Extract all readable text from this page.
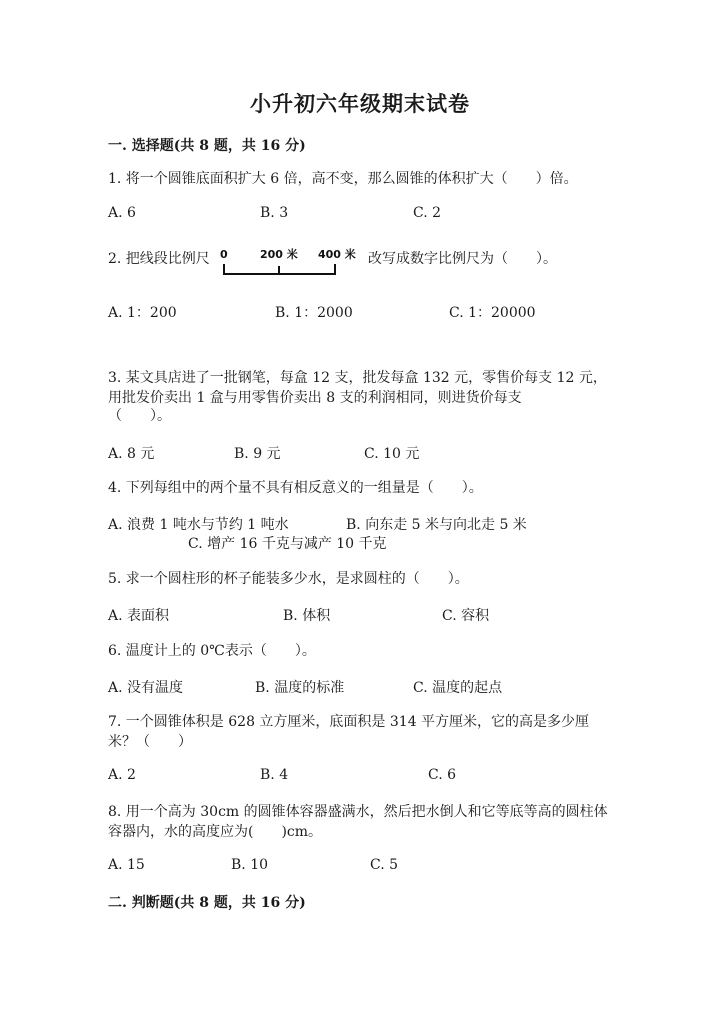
小升初六年级期末试卷
一. 选择题(共 8 题，共 16 分)
1. 将一个圆锥底面积扩大 6 倍，高不变，那么圆锥的体积扩大（　　）倍。
A. 6	B. 3	C. 2
2. 把线段比例尺 0	200 米 400 米 改写成数字比例尺为（　　）。
A. 1：200	B. 1：2000	C. 1：20000
3. 某文具店进了一批钢笔，每盒 12 支，批发每盒 132 元，零售价每支 12 元，
用批发价卖出 1 盒与用零售价卖出 8 支的利润相同，则进货价每支
（　　）。
A. 8 元	B. 9 元	C. 10 元
4. 下列每组中的两个量不具有相反意义的一组量是（　　）。
A. 浪费 1 吨水与节约 1 吨水	B. 向东走 5 米与向北走 5 米
C. 增产 16 千克与减产 10 千克
5. 求一个圆柱形的杯子能装多少水，是求圆柱的（　　）。
A. 表面积	B. 体积	C. 容积
6. 温度计上的 0℃表示（　　）。
A. 没有温度	B. 温度的标准	C. 温度的起点
7. 一个圆锥体积是 628 立方厘米，底面积是 314 平方厘米，它的高是多少厘
米？（　　）
A. 2	B. 4	C. 6
8. 用一个高为 30cm 的圆锥体容器盛满水，然后把水倒人和它等底等高的圆柱体
容器内，水的高度应为(　　)cm。
A. 15	B. 10	C. 5
二. 判断题(共 8 题，共 16 分)
